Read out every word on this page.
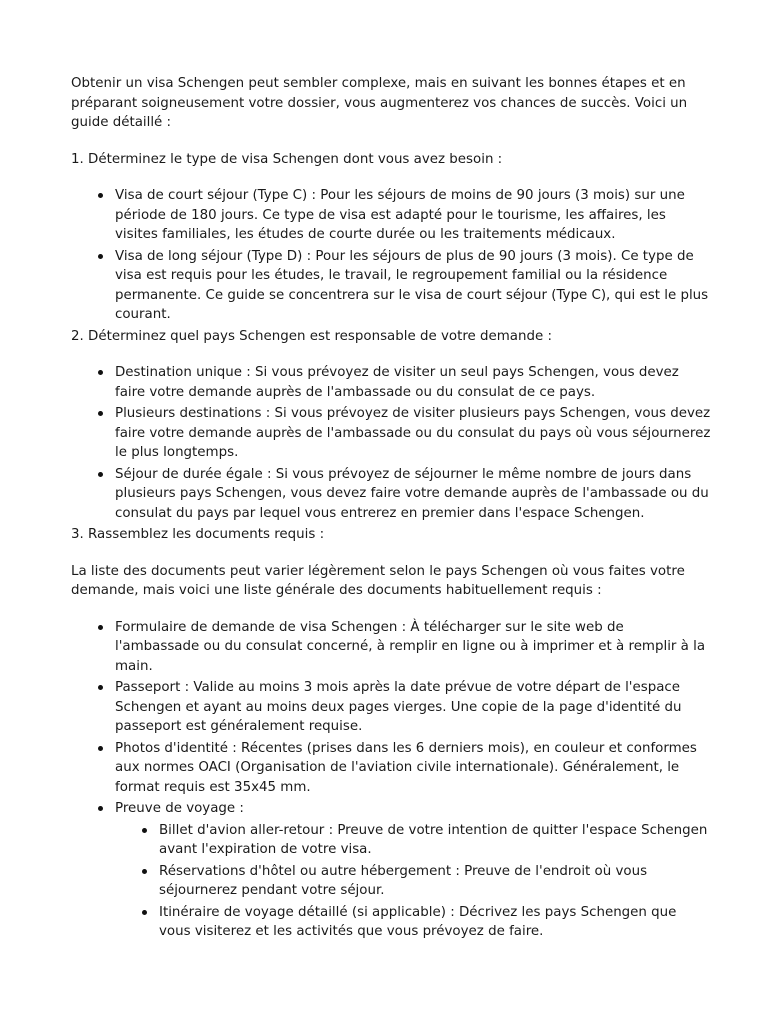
Obtenir un visa Schengen peut sembler complexe, mais en suivant les bonnes étapes et en préparant soigneusement votre dossier, vous augmenterez vos chances de succès. Voici un guide détaillé :

1. Déterminez le type de visa Schengen dont vous avez besoin :

Visa de court séjour (Type C) : Pour les séjours de moins de 90 jours (3 mois) sur une période de 180 jours. Ce type de visa est adapté pour le tourisme, les affaires, les visites familiales, les études de courte durée ou les traitements médicaux.
Visa de long séjour (Type D) : Pour les séjours de plus de 90 jours (3 mois). Ce type de visa est requis pour les études, le travail, le regroupement familial ou la résidence permanente. Ce guide se concentrera sur le visa de court séjour (Type C), qui est le plus courant.

2. Déterminez quel pays Schengen est responsable de votre demande :

Destination unique : Si vous prévoyez de visiter un seul pays Schengen, vous devez faire votre demande auprès de l'ambassade ou du consulat de ce pays.
Plusieurs destinations : Si vous prévoyez de visiter plusieurs pays Schengen, vous devez faire votre demande auprès de l'ambassade ou du consulat du pays où vous séjournerez le plus longtemps.
Séjour de durée égale : Si vous prévoyez de séjourner le même nombre de jours dans plusieurs pays Schengen, vous devez faire votre demande auprès de l'ambassade ou du consulat du pays par lequel vous entrerez en premier dans l'espace Schengen.

3. Rassemblez les documents requis :

La liste des documents peut varier légèrement selon le pays Schengen où vous faites votre demande, mais voici une liste générale des documents habituellement requis :

Formulaire de demande de visa Schengen : À télécharger sur le site web de l'ambassade ou du consulat concerné, à remplir en ligne ou à imprimer et à remplir à la main.
Passeport : Valide au moins 3 mois après la date prévue de votre départ de l'espace Schengen et ayant au moins deux pages vierges. Une copie de la page d'identité du passeport est généralement requise.
Photos d'identité : Récentes (prises dans les 6 derniers mois), en couleur et conformes aux normes OACI (Organisation de l'aviation civile internationale). Généralement, le format requis est 35x45 mm.
Preuve de voyage :
Billet d'avion aller-retour : Preuve de votre intention de quitter l'espace Schengen avant l'expiration de votre visa.
Réservations d'hôtel ou autre hébergement : Preuve de l'endroit où vous séjournerez pendant votre séjour.
Itinéraire de voyage détaillé (si applicable) : Décrivez les pays Schengen que vous visiterez et les activités que vous prévoyez de faire.
